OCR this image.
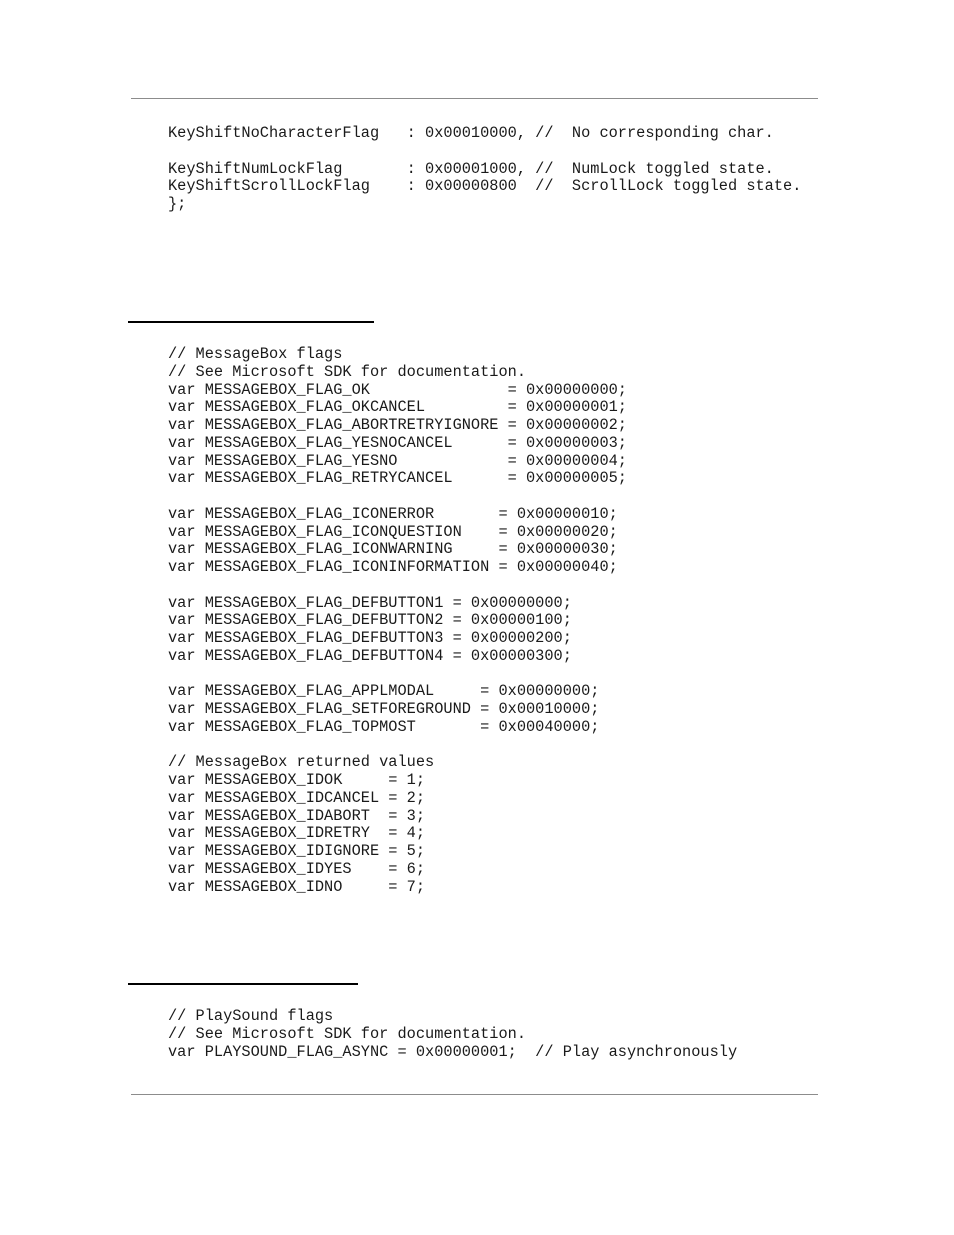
KeyShiftNoCharacterFlag   : 0x00010000, //  No corresponding char.
KeyShiftNumLockFlag       : 0x00001000, //  NumLock toggled state.
KeyShiftScrollLockFlag    : 0x00000800  //  ScrollLock toggled state.
};
// MessageBox flags
// See Microsoft SDK for documentation.
var MESSAGEBOX_FLAG_OK               = 0x00000000;
var MESSAGEBOX_FLAG_OKCANCEL         = 0x00000001;
var MESSAGEBOX_FLAG_ABORTRETRYIGNORE = 0x00000002;
var MESSAGEBOX_FLAG_YESNOCANCEL      = 0x00000003;
var MESSAGEBOX_FLAG_YESNO            = 0x00000004;
var MESSAGEBOX_FLAG_RETRYCANCEL      = 0x00000005;
var MESSAGEBOX_FLAG_ICONERROR       = 0x00000010;
var MESSAGEBOX_FLAG_ICONQUESTION    = 0x00000020;
var MESSAGEBOX_FLAG_ICONWARNING     = 0x00000030;
var MESSAGEBOX_FLAG_ICONINFORMATION = 0x00000040;
var MESSAGEBOX_FLAG_DEFBUTTON1 = 0x00000000;
var MESSAGEBOX_FLAG_DEFBUTTON2 = 0x00000100;
var MESSAGEBOX_FLAG_DEFBUTTON3 = 0x00000200;
var MESSAGEBOX_FLAG_DEFBUTTON4 = 0x00000300;
var MESSAGEBOX_FLAG_APPLMODAL     = 0x00000000;
var MESSAGEBOX_FLAG_SETFOREGROUND = 0x00010000;
var MESSAGEBOX_FLAG_TOPMOST       = 0x00040000;
// MessageBox returned values
var MESSAGEBOX_IDOK     = 1;
var MESSAGEBOX_IDCANCEL = 2;
var MESSAGEBOX_IDABORT  = 3;
var MESSAGEBOX_IDRETRY  = 4;
var MESSAGEBOX_IDIGNORE = 5;
var MESSAGEBOX_IDYES    = 6;
var MESSAGEBOX_IDNO     = 7;
// PlaySound flags
// See Microsoft SDK for documentation.
var PLAYSOUND_FLAG_ASYNC = 0x00000001;  // Play asynchronously
